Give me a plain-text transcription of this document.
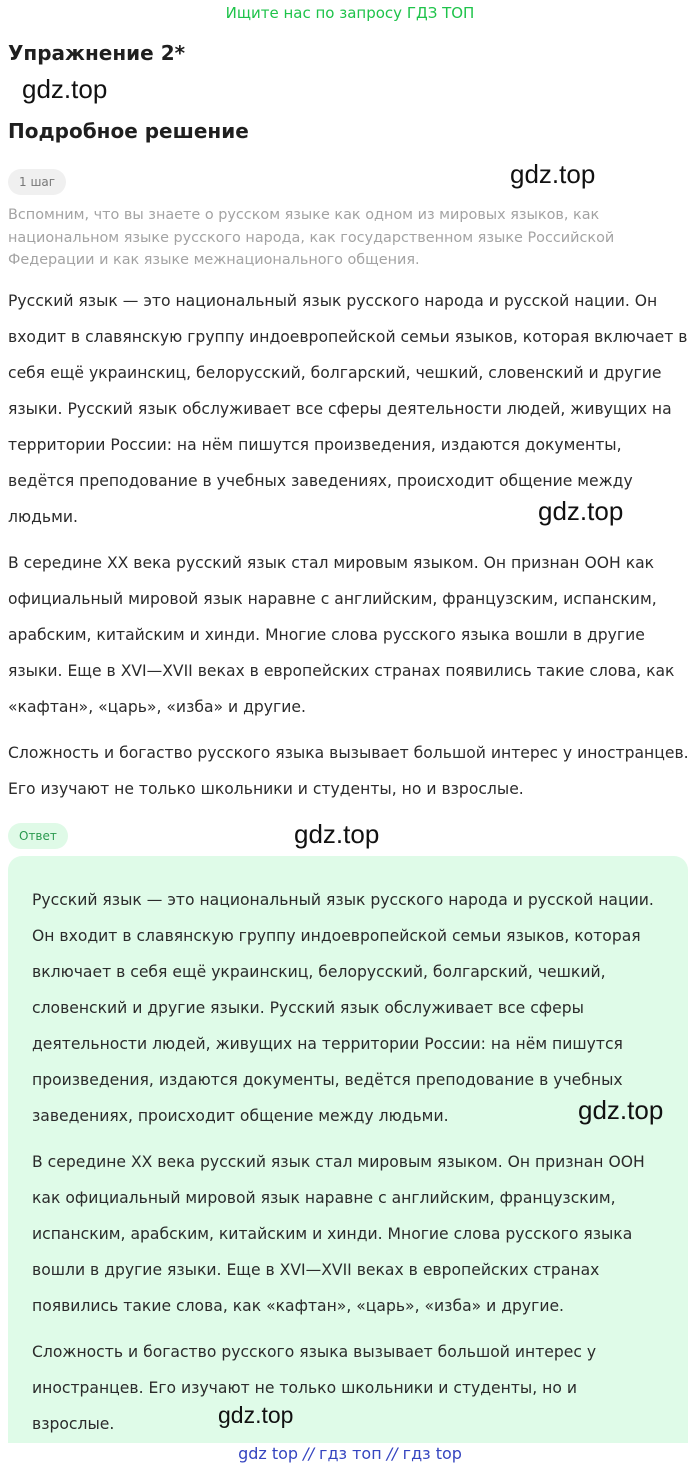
Ищите нас по запросу ГДЗ ТОП
Упражнение 2*
Подробное решение
1 шаг

Вспомним, что вы знаете о русском языке как одном из мировых языков, как национальном языке русского народа, как государственном языке Российской Федерации и как языке межнационального общения.

Русский язык — это национальный язык русского народа и русской нации. Он входит в славянскую группу индоевропейской семьи языков, которая включает в себя ещё украинскиц, белорусский, болгарский, чешкий, словенский и другие языки. Русский язык обслуживает все сферы деятельности людей, живущих на территории России: на нём пишутся произведения, издаются документы, ведётся преподование в учебных заведениях, происходит общение между людьми.

В середине XX века русский язык стал мировым языком. Он признан ООН как официальный мировой язык наравне с английским, французским, испанским, арабским, китайским и хинди. Многие слова русского языка вошли в другие языки. Еще в XVI—XVII веках в европейских странах появились такие слова, как «кафтан», «царь», «изба» и другие.

Сложность и богаство русского языка вызывает большой интерес у иностранцев. Его изучают не только школьники и студенты, но и взрослые.

Ответ

Русский язык — это национальный язык русского народа и русской нации. Он входит в славянскую группу индоевропейской семьи языков, которая включает в себя ещё украинскиц, белорусский, болгарский, чешкий, словенский и другие языки. Русский язык обслуживает все сферы деятельности людей, живущих на территории России: на нём пишутся произведения, издаются документы, ведётся преподование в учебных заведениях, происходит общение между людьми.

В середине XX века русский язык стал мировым языком. Он признан ООН как официальный мировой язык наравне с английским, французским, испанским, арабским, китайским и хинди. Многие слова русского языка вошли в другие языки. Еще в XVI—XVII веках в европейских странах появились такие слова, как «кафтан», «царь», «изба» и другие.

Сложность и богаство русского языка вызывает большой интерес у иностранцев. Его изучают не только школьники и студенты, но и взрослые.

gdz.top
gdz.top
gdz.top
gdz.top
gdz.top
gdz.top
gdz top // гдз топ // гдз top
